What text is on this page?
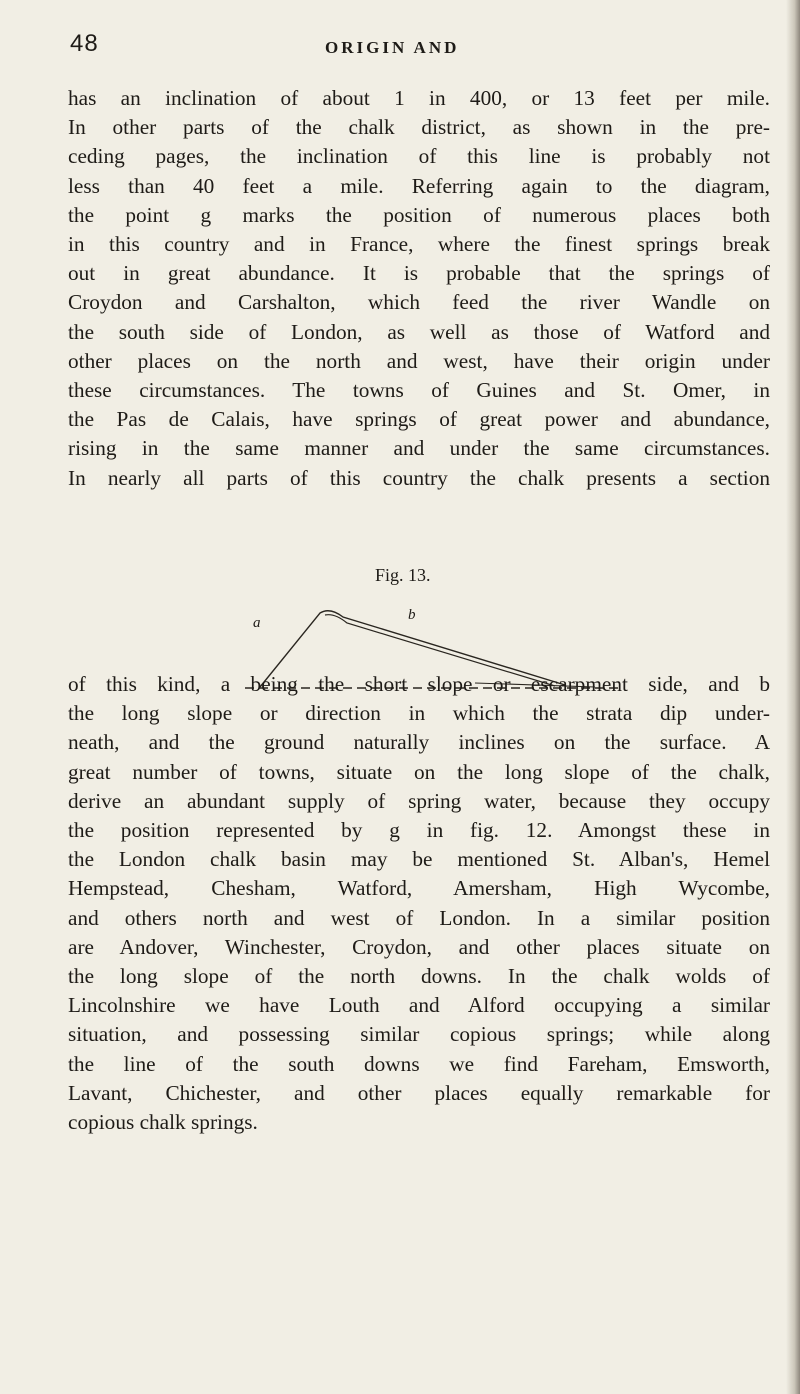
48	ORIGIN AND
has an inclination of about 1 in 400, or 13 feet per mile.
In other parts of the chalk district, as shown in the pre-
ceding pages, the inclination of this line is probably not
less than 40 feet a mile. Referring again to the diagram,
the point g marks the position of numerous places both
in this country and in France, where the finest springs break
out in great abundance. It is probable that the springs of
Croydon and Carshalton, which feed the river Wandle on
the south side of London, as well as those of Watford and
other places on the north and west, have their origin under
these circumstances. The towns of Guines and St. Omer, in
the Pas de Calais, have springs of great power and abundance,
rising in the same manner and under the same circumstances.
In nearly all parts of this country the chalk presents a section
Fig. 13.
a	b
of this kind, a being the short slope or escarpment side, and b
the long slope or direction in which the strata dip under-
neath, and the ground naturally inclines on the surface. A
great number of towns, situate on the long slope of the chalk,
derive an abundant supply of spring water, because they occupy
the position represented by g in fig. 12. Amongst these in
the London chalk basin may be mentioned St. Alban's, Hemel
Hempstead, Chesham, Watford, Amersham, High Wycombe,
and others north and west of London. In a similar position
are Andover, Winchester, Croydon, and other places situate on
the long slope of the north downs. In the chalk wolds of
Lincolnshire we have Louth and Alford occupying a similar
situation, and possessing similar copious springs; while along
the line of the south downs we find Fareham, Emsworth,
Lavant, Chichester, and other places equally remarkable for
copious chalk springs.
